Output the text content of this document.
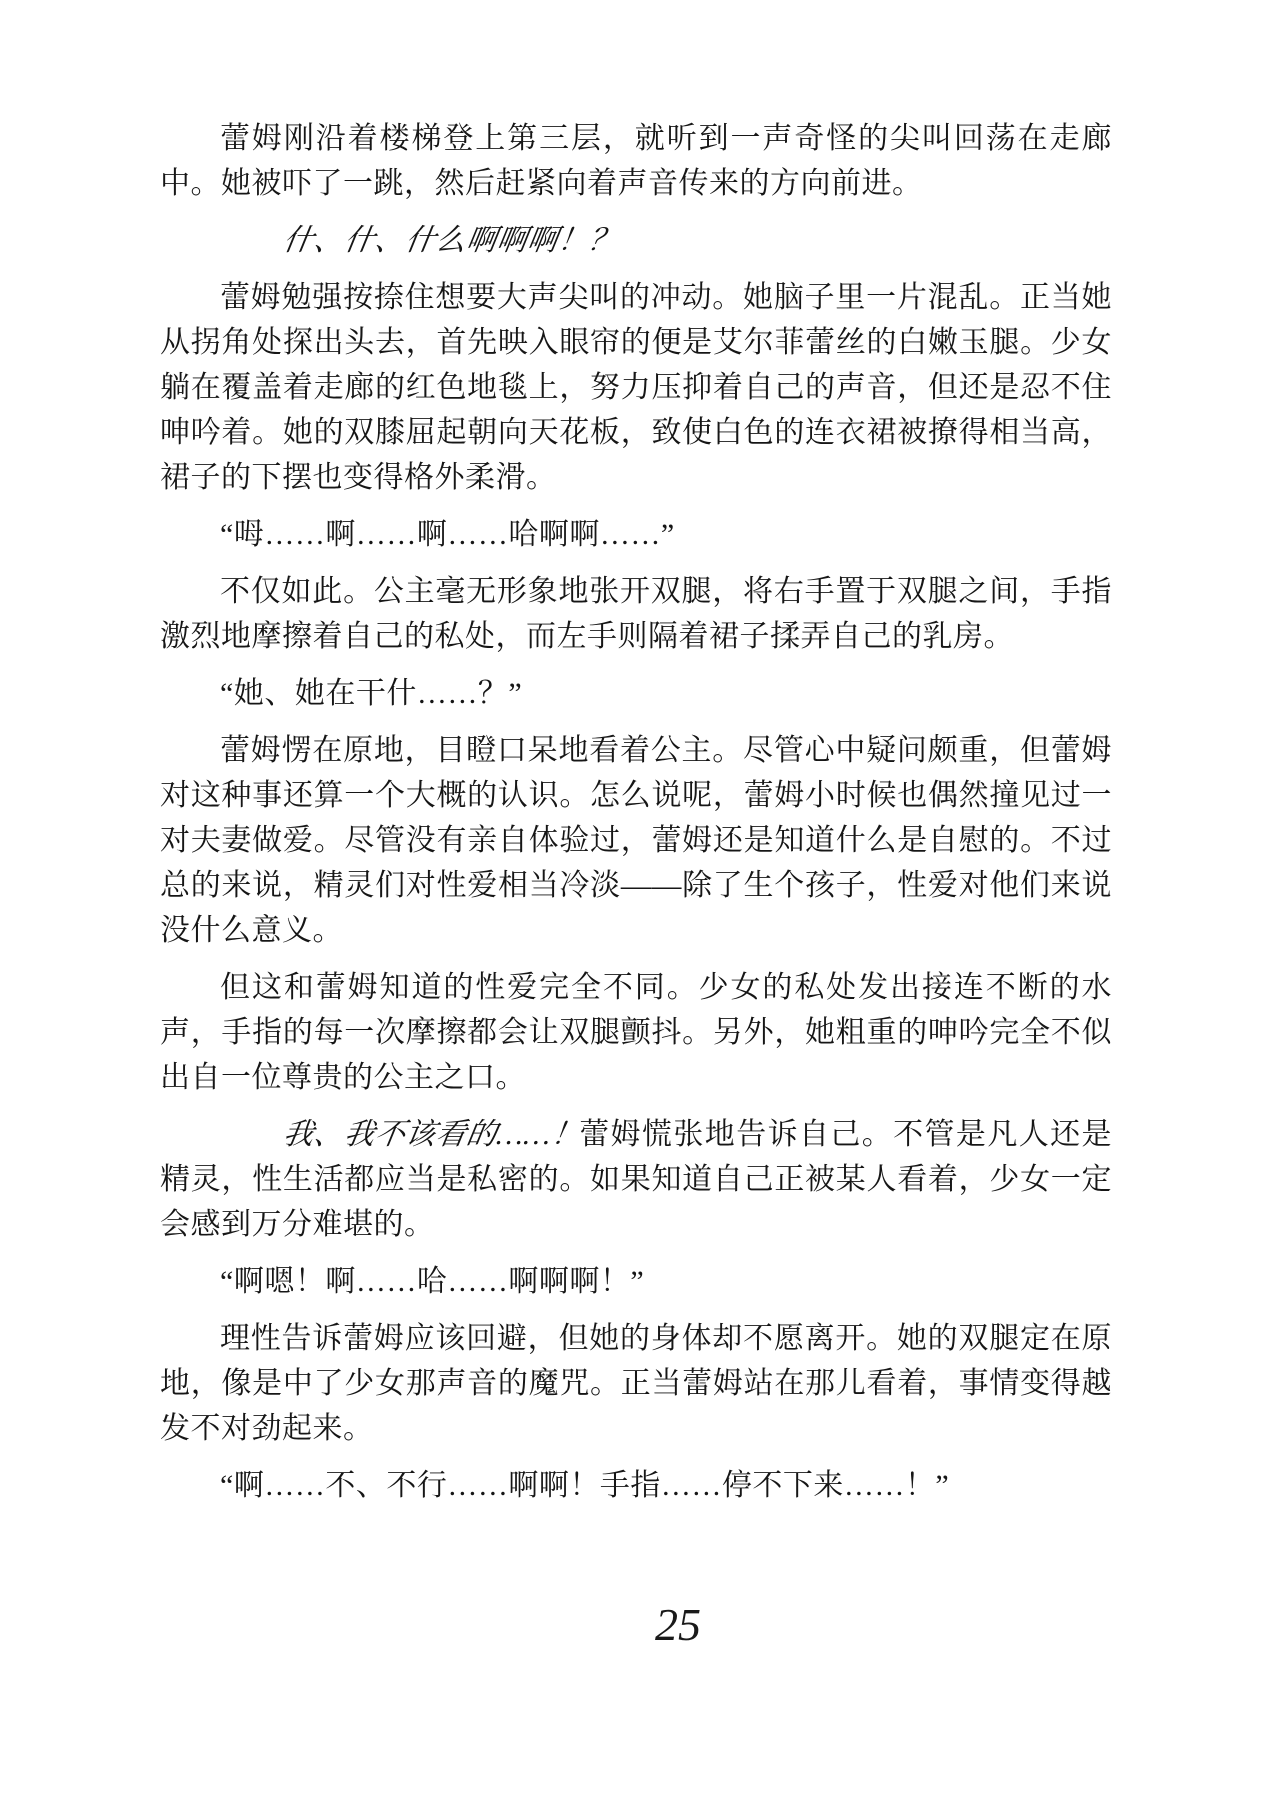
蕾姆刚沿着楼梯登上第三层，就听到一声奇怪的尖叫回荡在走廊中。她被吓了一跳，然后赶紧向着声音传来的方向前进。

什、什、什么啊啊啊！？

蕾姆勉强按捺住想要大声尖叫的冲动。她脑子里一片混乱。正当她从拐角处探出头去，首先映入眼帘的便是艾尔菲蕾丝的白嫩玉腿。少女躺在覆盖着走廊的红色地毯上，努力压抑着自己的声音，但还是忍不住呻吟着。她的双膝屈起朝向天花板，致使白色的连衣裙被撩得相当高，裙子的下摆也变得格外柔滑。

“呣……啊……啊……哈啊啊……”

不仅如此。公主毫无形象地张开双腿，将右手置于双腿之间，手指激烈地摩擦着自己的私处，而左手则隔着裙子揉弄自己的乳房。

“她、她在干什……？”

蕾姆愣在原地，目瞪口呆地看着公主。尽管心中疑问颇重，但蕾姆对这种事还算一个大概的认识。怎么说呢，蕾姆小时候也偶然撞见过一对夫妻做爱。尽管没有亲自体验过，蕾姆还是知道什么是自慰的。不过总的来说，精灵们对性爱相当冷淡——除了生个孩子，性爱对他们来说没什么意义。

但这和蕾姆知道的性爱完全不同。少女的私处发出接连不断的水声，手指的每一次摩擦都会让双腿颤抖。另外，她粗重的呻吟完全不似出自一位尊贵的公主之口。

我、我不该看的……！蕾姆慌张地告诉自己。不管是凡人还是精灵，性生活都应当是私密的。如果知道自己正被某人看着，少女一定会感到万分难堪的。

“啊嗯！啊……哈……啊啊啊！”

理性告诉蕾姆应该回避，但她的身体却不愿离开。她的双腿定在原地，像是中了少女那声音的魔咒。正当蕾姆站在那儿看着，事情变得越发不对劲起来。

“啊……不、不行……啊啊！手指……停不下来……！”

25
